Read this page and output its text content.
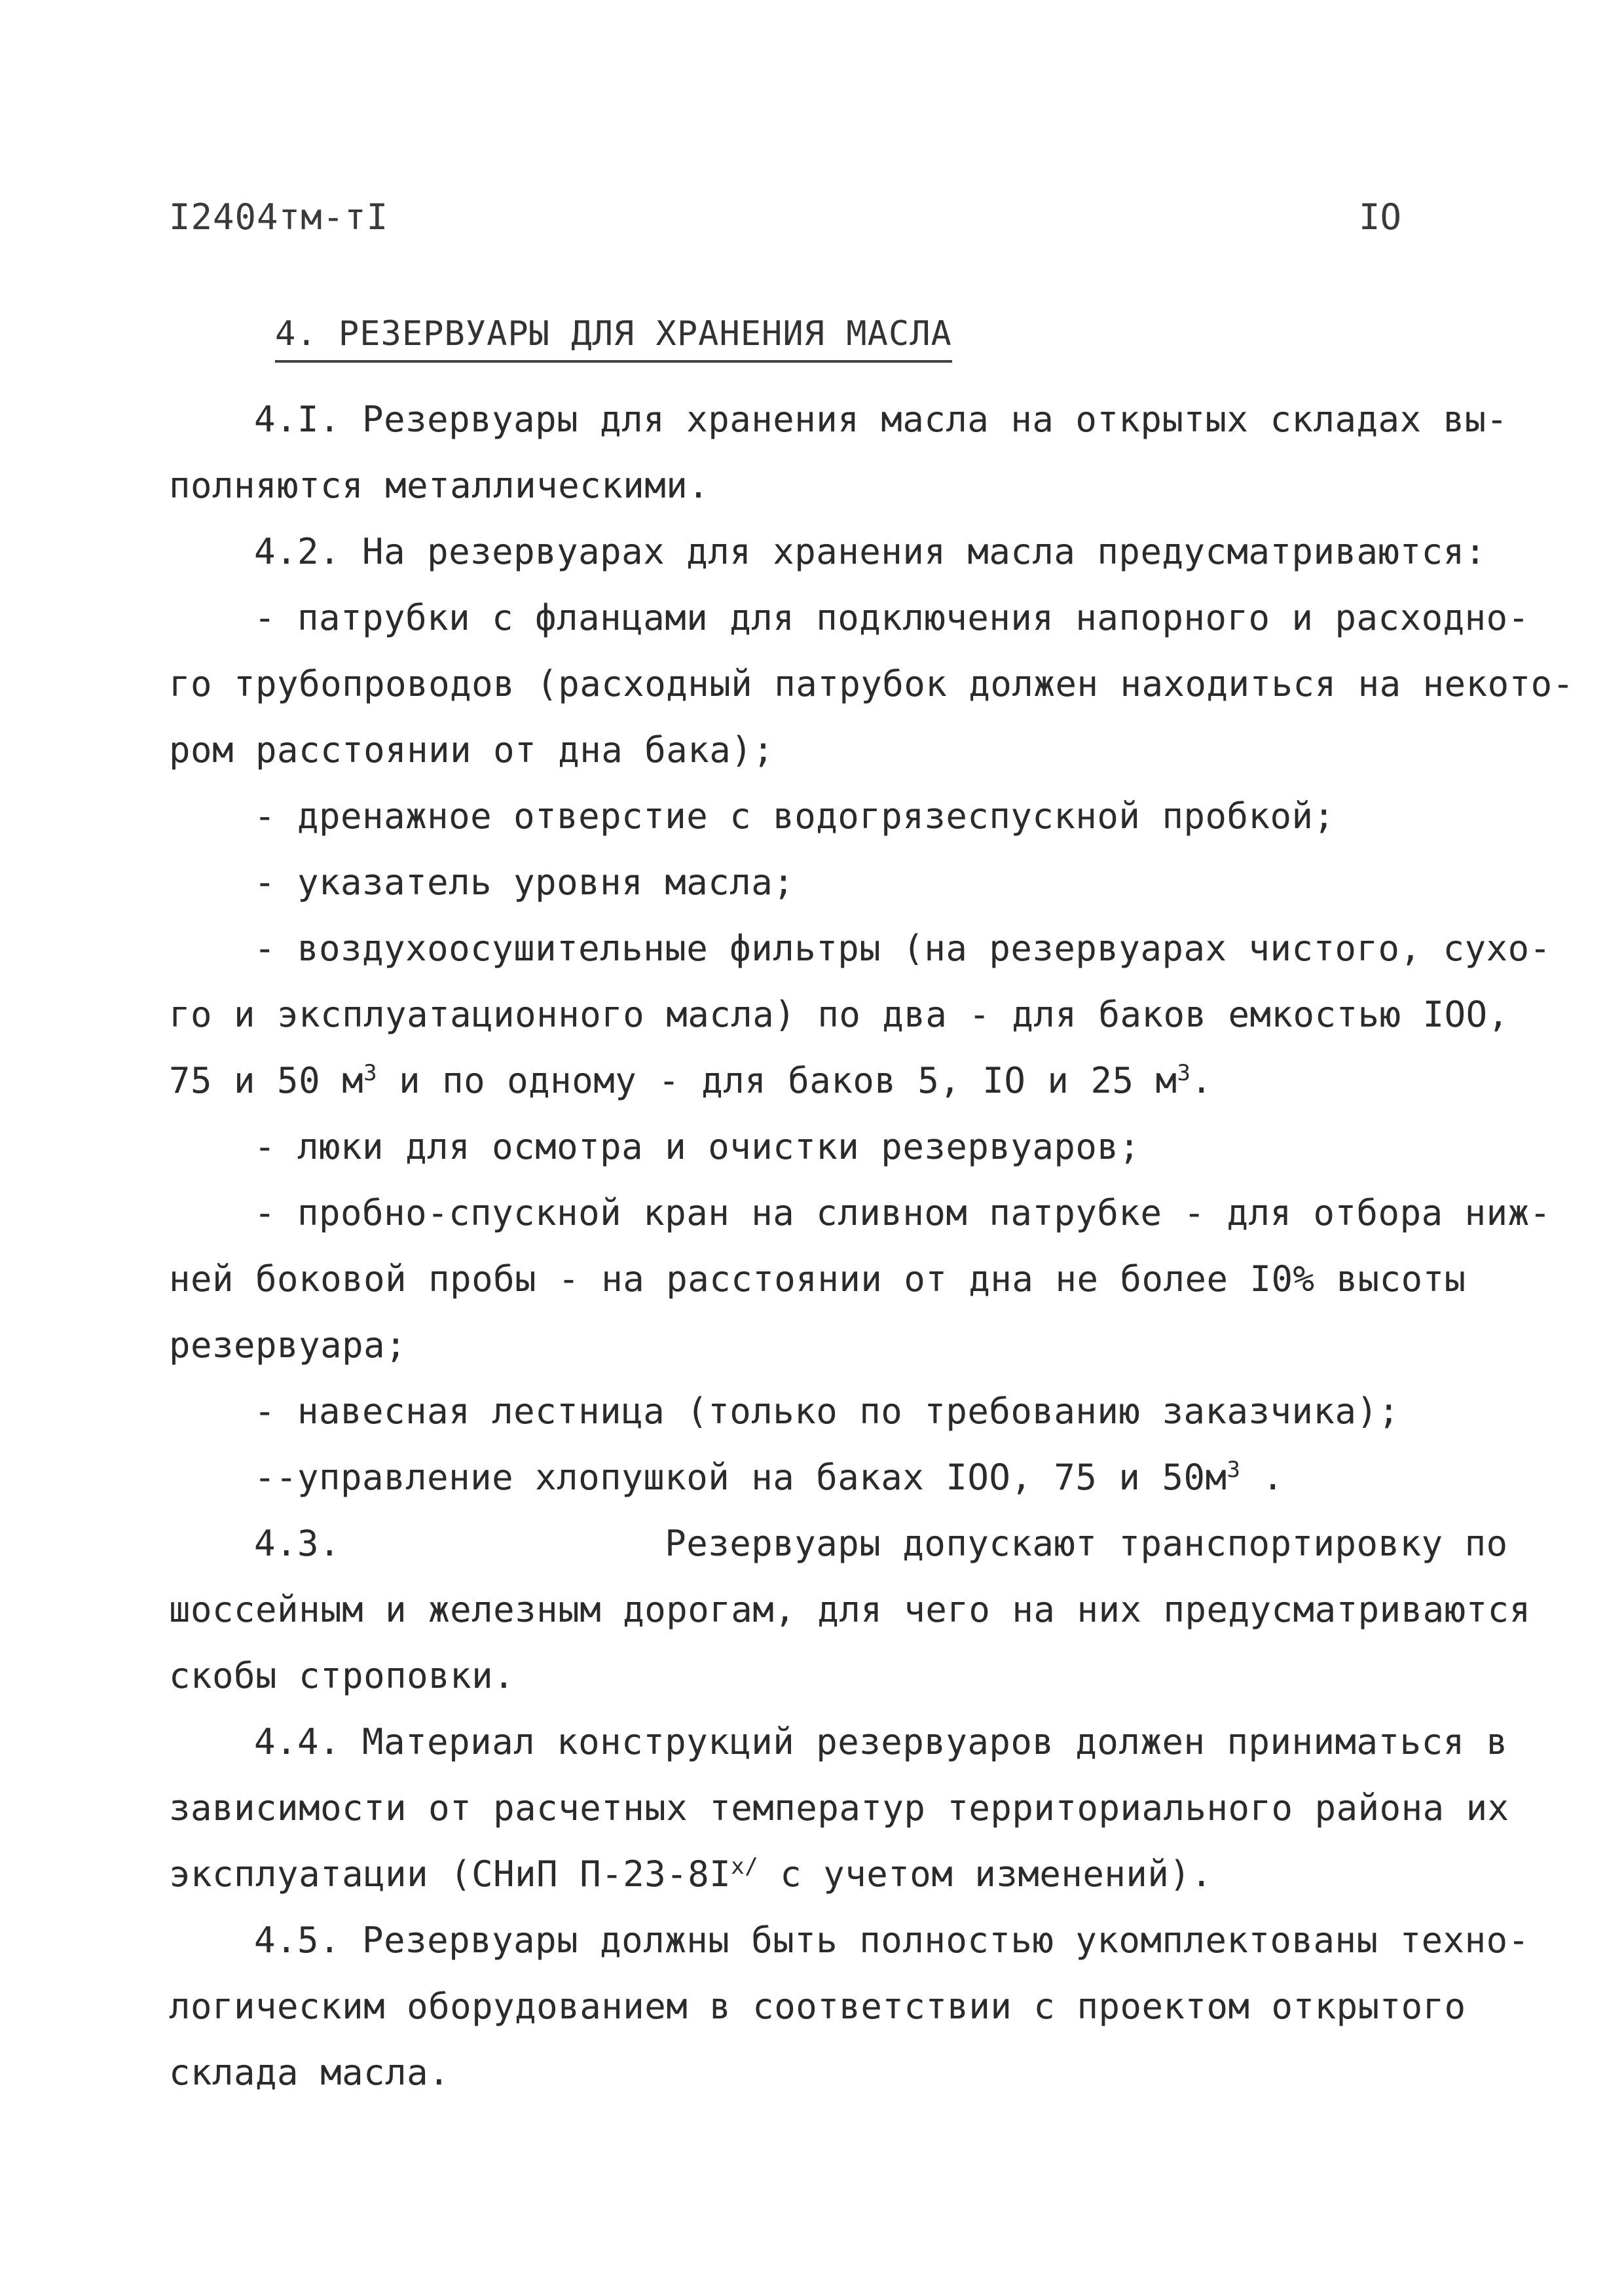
I2404тм-тI	IO
4. РЕЗЕРВУАРЫ ДЛЯ ХРАНЕНИЯ МАСЛА
4.I. Резервуары для хранения масла на открытых складах вы-
полняются металлическими.
4.2. На резервуарах для хранения масла предусматриваются:
- патрубки с фланцами для подключения напорного и расходно-
го трубопроводов (расходный патрубок должен находиться на некото-
ром расстоянии от дна бака);
- дренажное отверстие с водогрязеспускной пробкой;
- указатель уровня масла;
- воздухоосушительные фильтры (на резервуарах чистого, сухо-
го и эксплуатационного масла) по два - для баков емкостью IOO,
75 и 50 $м^3$ и по одному - для баков 5, IO и 25 $м^3$.
- люки для осмотра и очистки резервуаров;
- пробно-спускной кран на сливном патрубке - для отбора ниж-
ней боковой пробы - на расстоянии от дна не более I0% высоты
резервуара;
- навесная лестница (только по требованию заказчика);
--управление хлопушкой на баках IOO, 75 и $50м^3$ .
4.3.               Резервуары допускают транспортировку по
шоссейным и железным дорогам, для чего на них предусматриваются
скобы строповки.
4.4. Материал конструкций резервуаров должен приниматься в
зависимости от расчетных температур территориального района их
эксплуатации (СНиП $П-23-8I^{х/}$ с учетом изменений).
4.5. Резервуары должны быть полностью укомплектованы техно-
логическим оборудованием в соответствии с проектом открытого
склада масла.
